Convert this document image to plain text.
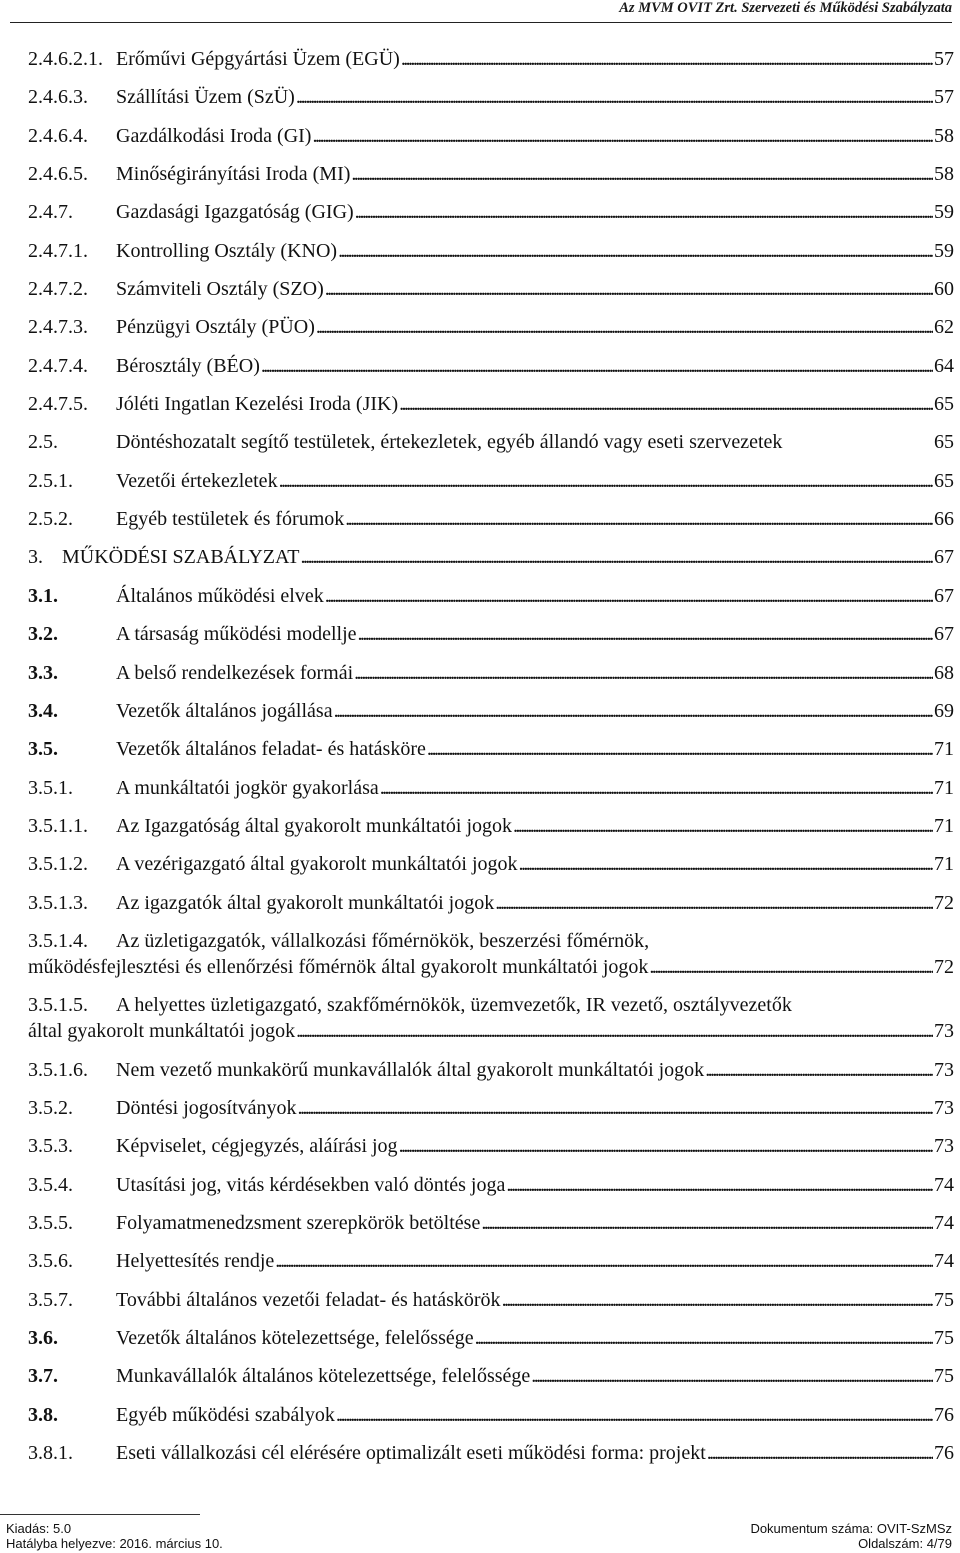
Az MVM OVIT Zrt. Szervezeti és Működési Szabályzata
2.4.6.2.1. Erőművi Gépgyártási Üzem (EGÜ) . . .	57
2.4.6.3. Szállítási Üzem (SzÜ) . . .	57
2.4.6.4. Gazdálkodási Iroda (GI) . . .	58
2.4.6.5. Minőségirányítási Iroda (MI) . . .	58
2.4.7. Gazdasági Igazgatóság (GIG) . . .	59
2.4.7.1. Kontrolling Osztály (KNO) . . .	59
2.4.7.2. Számviteli Osztály (SZO) . . .	60
2.4.7.3. Pénzügyi Osztály (PÜO) . . .	62
2.4.7.4. Bérosztály (BÉO) . . .	64
2.4.7.5. Jóléti Ingatlan Kezelési Iroda (JIK) . . .	65
2.5.	Döntéshozatalt segítő testületek, értekezletek, egyéb állandó vagy eseti szervezetek	65
2.5.1. Vezetői értekezletek . . .	65
2.5.2. Egyéb testületek és fórumok . . .	66
3. MŰKÖDÉSI SZABÁLYZAT . . .	67
3.1.	Általános működési elvek . . .	67
3.2.	A társaság működési modellje . . .	67
3.3.	A belső rendelkezések formái . . .	68
3.4.	Vezetők általános jogállása . . .	69
3.5.	Vezetők általános feladat- és hatásköre . . .	71
3.5.1. A munkáltatói jogkör gyakorlása . . .	71
3.5.1.1. Az Igazgatóság által gyakorolt munkáltatói jogok . . .	71
3.5.1.2. A vezérigazgató által gyakorolt munkáltatói jogok . . .	71
3.5.1.3. Az igazgatók által gyakorolt munkáltatói jogok . . .	72
3.5.1.4.	Az üzletigazgatók, vállalkozási főmérnökök, beszerzési főmérnök,
működésfejlesztési és ellenőrzési főmérnök által gyakorolt munkáltatói jogok . . .	72
3.5.1.5.	A helyettes üzletigazgató, szakfőmérnökök, üzemvezetők, IR vezető, osztályvezetők
által gyakorolt munkáltatói jogok . . .	73
3.5.1.6. Nem vezető munkakörű munkavállalók által gyakorolt munkáltatói jogok . . .	73
3.5.2. Döntési jogosítványok . . .	73
3.5.3. Képviselet, cégjegyzés, aláírási jog . . .	73
3.5.4. Utasítási jog, vitás kérdésekben való döntés joga . . .	74
3.5.5. Folyamatmenedzsment szerepkörök betöltése . . .	74
3.5.6. Helyettesítés rendje . . .	74
3.5.7. További általános vezetői feladat- és hatáskörök . . .	75
3.6.	Vezetők általános kötelezettsége, felelőssége . . .	75
3.7.	Munkavállalók általános kötelezettsége, felelőssége . . .	75
3.8.	Egyéb működési szabályok . . .	76
3.8.1. Eseti vállalkozási cél elérésére optimalizált eseti működési forma: projekt . . .	76
Kiadás: 5.0
Hatályba helyezve: 2016. március 10.
Dokumentum száma: OVIT-SzMSz
Oldalszám: 4/79
